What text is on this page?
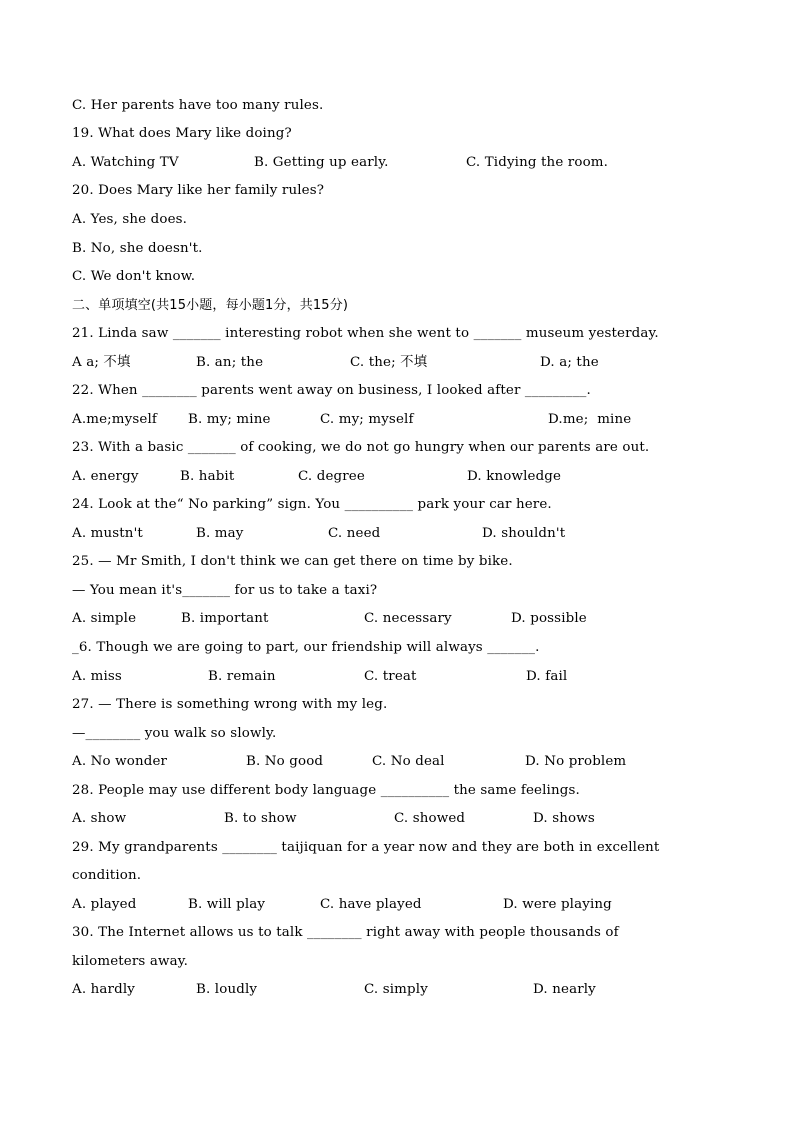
C. Her parents have too many rules.
19. What does Mary like doing?
A. Watching TV	B. Getting up early.	C. Tidying the room.
20. Does Mary like her family rules?
A. Yes, she does.
B. No, she doesn't.
C. We don't know.
二、单项填空(共15小题，每小题1分，共15分)
21. Linda saw _______ interesting robot when she went to _______ museum yesterday.
A a; 不填	B. an; the	C. the; 不填	D. a; the
22. When ________ parents went away on business, I looked after _________.
A.me;myself B. my; mine	C. my; myself	D.me;  mine
23. With a basic _______ of cooking, we do not go hungry when our parents are out.
A. energy	B. habit	C. degree	D. knowledge
24. Look at the“ No parking” sign. You __________ park your car here.
A. mustn't	B. may	C. need	D. shouldn't
25. — Mr Smith, I don't think we can get there on time by bike.
— You mean it's_______ for us to take a taxi?
A. simple	B. important	C. necessary	D. possible
_6. Though we are going to part, our friendship will always _______.
A. miss	B. remain	C. treat	D. fail
27. — There is something wrong with my leg.
—________ you walk so slowly.
A. No wonder	B. No good	C. No deal	D. No problem
28. People may use different body language __________ the same feelings.
A. show	B. to show	C. showed	D. shows
29. My grandparents ________ taijiquan for a year now and they are both in excellent
condition.
A. played	B. will play	C. have played	D. were playing
30. The Internet allows us to talk ________ right away with people thousands of
kilometers away.
A. hardly	B. loudly	C. simply	D. nearly
